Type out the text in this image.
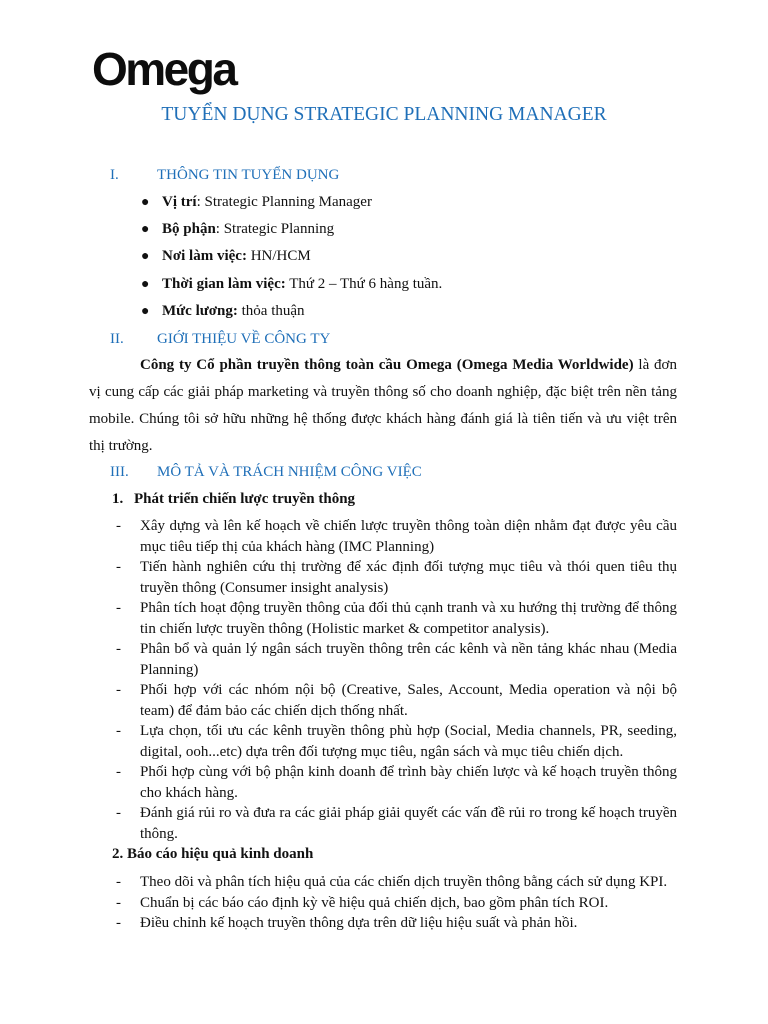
Omega
TUYỂN DỤNG STRATEGIC PLANNING MANAGER
I.	THÔNG TIN TUYỂN DỤNG
● Vị trí: Strategic Planning Manager
● Bộ phận: Strategic Planning
● Nơi làm việc: HN/HCM
● Thời gian làm việc: Thứ 2 – Thứ 6 hàng tuần.
● Mức lương: thỏa thuận
II. GIỚI THIỆU VỀ CÔNG TY

Công ty Cổ phần truyền thông toàn cầu Omega (Omega Media Worldwide) là đơn vị cung cấp các giải pháp marketing và truyền thông số cho doanh nghiệp, đặc biệt trên nền tảng mobile. Chúng tôi sở hữu những hệ thống được khách hàng đánh giá là tiên tiến và ưu việt trên thị trường.

III. MÔ TẢ VÀ TRÁCH NHIỆM CÔNG VIỆC
1. Phát triển chiến lược truyền thông
- Xây dựng và lên kế hoạch về chiến lược truyền thông toàn diện nhằm đạt được yêu cầu mục tiêu tiếp thị của khách hàng (IMC Planning)
- Tiến hành nghiên cứu thị trường để xác định đối tượng mục tiêu và thói quen tiêu thụ truyền thông (Consumer insight analysis)
- Phân tích hoạt động truyền thông của đối thủ cạnh tranh và xu hướng thị trường để thông tin chiến lược truyền thông (Holistic market & competitor analysis).
- Phân bổ và quản lý ngân sách truyền thông trên các kênh và nền tảng khác nhau (Media Planning)
- Phối hợp với các nhóm nội bộ (Creative, Sales, Account, Media operation và nội bộ team) để đảm bảo các chiến dịch thống nhất.
- Lựa chọn, tối ưu các kênh truyền thông phù hợp (Social, Media channels, PR, seeding, digital, ooh...etc) dựa trên đối tượng mục tiêu, ngân sách và mục tiêu chiến dịch.
- Phối hợp cùng với bộ phận kinh doanh để trình bày chiến lược và kế hoạch truyền thông cho khách hàng.
- Đánh giá rủi ro và đưa ra các giải pháp giải quyết các vấn đề rủi ro trong kế hoạch truyền thông.
2. Báo cáo hiệu quả kinh doanh
- Theo dõi và phân tích hiệu quả của các chiến dịch truyền thông bằng cách sử dụng KPI.
- Chuẩn bị các báo cáo định kỳ về hiệu quả chiến dịch, bao gồm phân tích ROI.
- Điều chỉnh kế hoạch truyền thông dựa trên dữ liệu hiệu suất và phản hồi.
